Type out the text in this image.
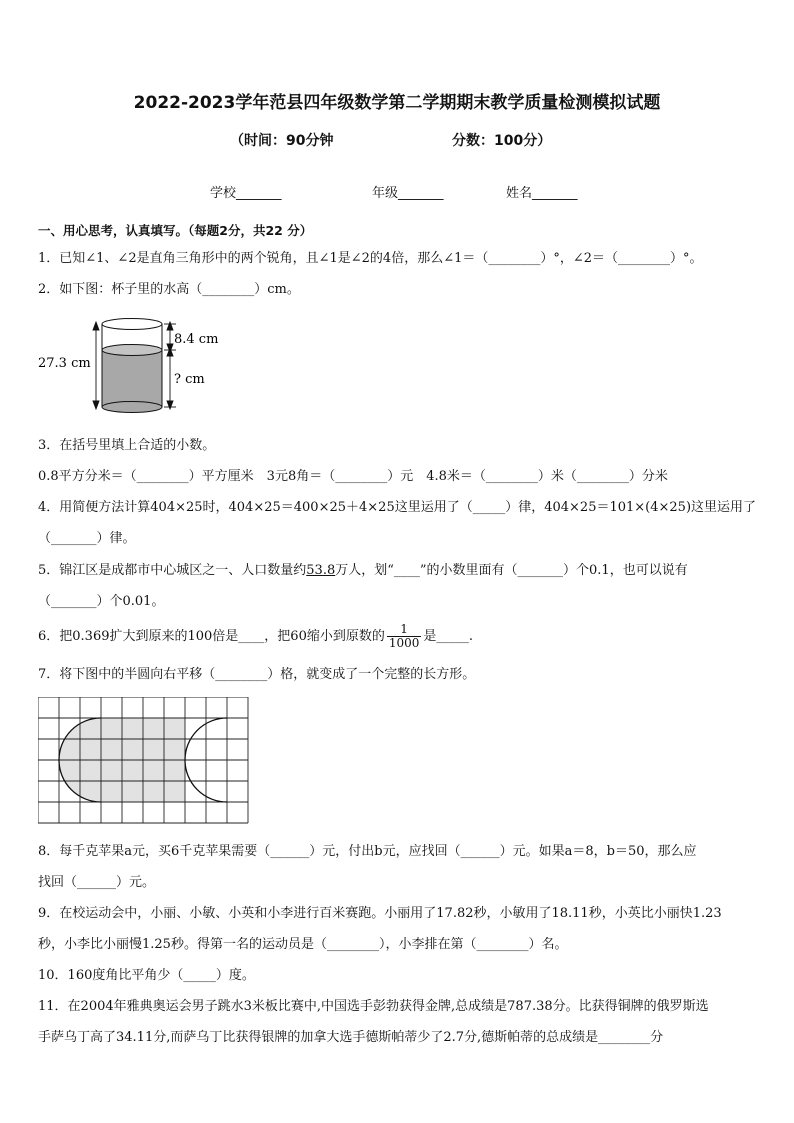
2022-2023学年范县四年级数学第二学期期末教学质量检测模拟试题
（时间：90分钟	分数：100分）
学校_______	年级_______	姓名_______
一、用心思考，认真填写。（每题2分，共22 分）
1．已知∠1、∠2是直角三角形中的两个锐角，且∠1是∠2的4倍，那么∠1＝（________）°，∠2＝（________）°。
2．如下图：杯子里的水高（________）cm。
27.3 cm
8.4 cm
? cm
3．在括号里填上合适的小数。
0.8平方分米＝（________）平方厘米　3元8角＝（________）元　4.8米＝（________）米（________）分米
4．用简便方法计算404×25时，404×25＝400×25＋4×25这里运用了（_____）律，404×25＝101×(4×25)这里运用了
（_______）律。
5．锦江区是成都市中心城区之一、人口数量约53.8万人，划“____”的小数里面有（_______）个0.1，也可以说有
（_______）个0.01。
6．把0.369扩大到原来的100倍是____，把60缩小到原数的 $\frac{1}{1000}$ 是_____.
7．将下图中的半圆向右平移（________）格，就变成了一个完整的长方形。
8．每千克苹果a元，买6千克苹果需要（______）元，付出b元，应找回（______）元。如果a＝8，b＝50，那么应
找回（______）元。
9．在校运动会中，小丽、小敏、小英和小李进行百米赛跑。小丽用了17.82秒，小敏用了18.11秒，小英比小丽快1.23
秒，小李比小丽慢1.25秒。得第一名的运动员是（________），小李排在第（________）名。
10．160度角比平角少（_____）度。
11．在2004年雅典奥运会男子跳水3米板比赛中,中国选手彭勃获得金牌,总成绩是787.38分。比获得铜牌的俄罗斯选
手萨乌丁高了34.11分,而萨乌丁比获得银牌的加拿大选手德斯帕蒂少了2.7分,德斯帕蒂的总成绩是________分
